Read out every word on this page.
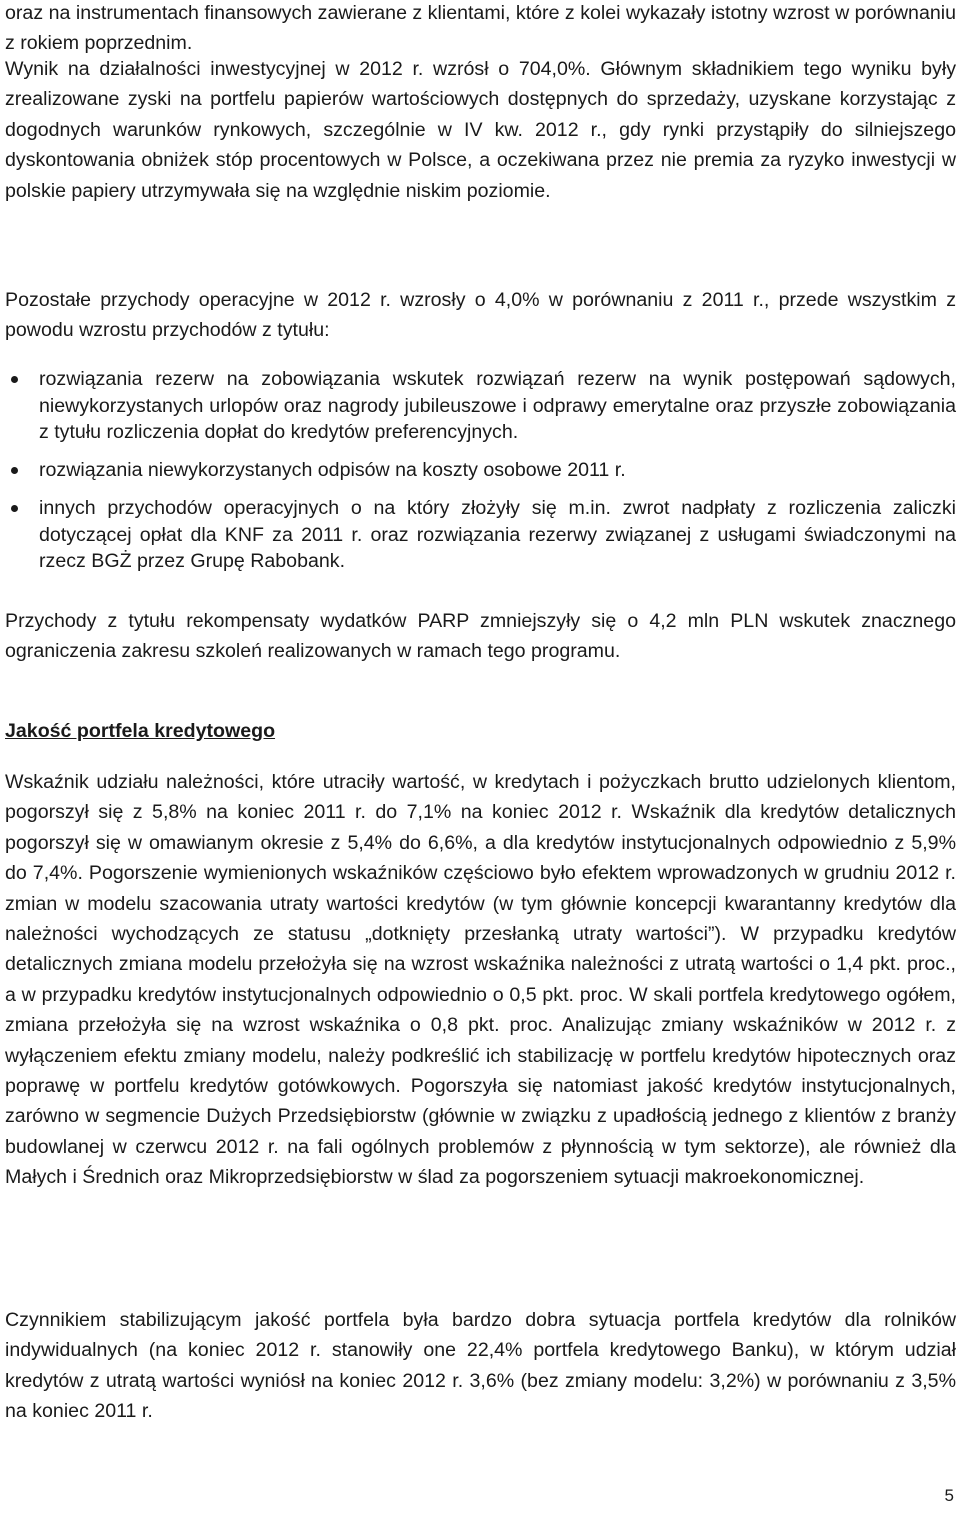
oraz na instrumentach finansowych zawierane z klientami, które z kolei wykazały istotny wzrost w porównaniu z rokiem poprzednim.

Wynik na działalności inwestycyjnej w 2012 r. wzrósł o 704,0%. Głównym składnikiem tego wyniku były zrealizowane zyski na portfelu papierów wartościowych dostępnych do sprzedaży, uzyskane korzystając z dogodnych warunków rynkowych, szczególnie w IV kw. 2012 r., gdy rynki przystąpiły do silniejszego dyskontowania obniżek stóp procentowych w Polsce, a oczekiwana przez nie premia za ryzyko inwestycji w polskie papiery utrzymywała się na względnie niskim poziomie.

Pozostałe przychody operacyjne w 2012 r. wzrosły o 4,0% w porównaniu z 2011 r., przede wszystkim z powodu wzrostu przychodów z tytułu:

rozwiązania rezerw na zobowiązania wskutek rozwiązań rezerw na wynik postępowań sądowych, niewykorzystanych urlopów oraz nagrody jubileuszowe i odprawy emerytalne oraz przyszłe zobowiązania z tytułu rozliczenia dopłat do kredytów preferencyjnych.
rozwiązania niewykorzystanych odpisów na koszty osobowe 2011 r.
innych przychodów operacyjnych o na który złożyły się m.in. zwrot nadpłaty z rozliczenia zaliczki dotyczącej opłat dla KNF za 2011 r. oraz rozwiązania rezerwy związanej z usługami świadczonymi na rzecz BGŻ przez Grupę Rabobank.

Przychody z tytułu rekompensaty wydatków PARP zmniejszyły się o 4,2 mln PLN wskutek znacznego ograniczenia zakresu szkoleń realizowanych w ramach tego programu.

Jakość portfela kredytowego

Wskaźnik udziału należności, które utraciły wartość, w kredytach i pożyczkach brutto udzielonych klientom, pogorszył się z 5,8% na koniec 2011 r. do 7,1% na koniec 2012 r. Wskaźnik dla kredytów detalicznych pogorszył się w omawianym okresie z 5,4% do 6,6%, a dla kredytów instytucjonalnych odpowiednio z 5,9% do 7,4%. Pogorszenie wymienionych wskaźników częściowo było efektem wprowadzonych w grudniu 2012 r. zmian w modelu szacowania utraty wartości kredytów (w tym głównie koncepcji kwarantanny kredytów dla należności wychodzących ze statusu „dotknięty przesłanką utraty wartości”). W przypadku kredytów detalicznych zmiana modelu przełożyła się na wzrost wskaźnika należności z utratą wartości o 1,4 pkt. proc., a w przypadku kredytów instytucjonalnych odpowiednio o 0,5 pkt. proc. W skali portfela kredytowego ogółem, zmiana przełożyła się na wzrost wskaźnika o 0,8 pkt. proc. Analizując zmiany wskaźników w 2012 r. z wyłączeniem efektu zmiany modelu, należy podkreślić ich stabilizację w portfelu kredytów hipotecznych oraz poprawę w portfelu kredytów gotówkowych. Pogorszyła się natomiast jakość kredytów instytucjonalnych, zarówno w segmencie Dużych Przedsiębiorstw (głównie w związku z upadłością jednego z klientów z branży budowlanej w czerwcu 2012 r. na fali ogólnych problemów z płynnością w tym sektorze), ale również dla Małych i Średnich oraz Mikroprzedsiębiorstw w ślad za pogorszeniem sytuacji makroekonomicznej.

Czynnikiem stabilizującym jakość portfela była bardzo dobra sytuacja portfela kredytów dla rolników indywidualnych (na koniec 2012 r. stanowiły one 22,4% portfela kredytowego Banku), w którym udział kredytów z utratą wartości wyniósł na koniec 2012 r. 3,6% (bez zmiany modelu: 3,2%) w porównaniu z 3,5% na koniec 2011 r.

5
